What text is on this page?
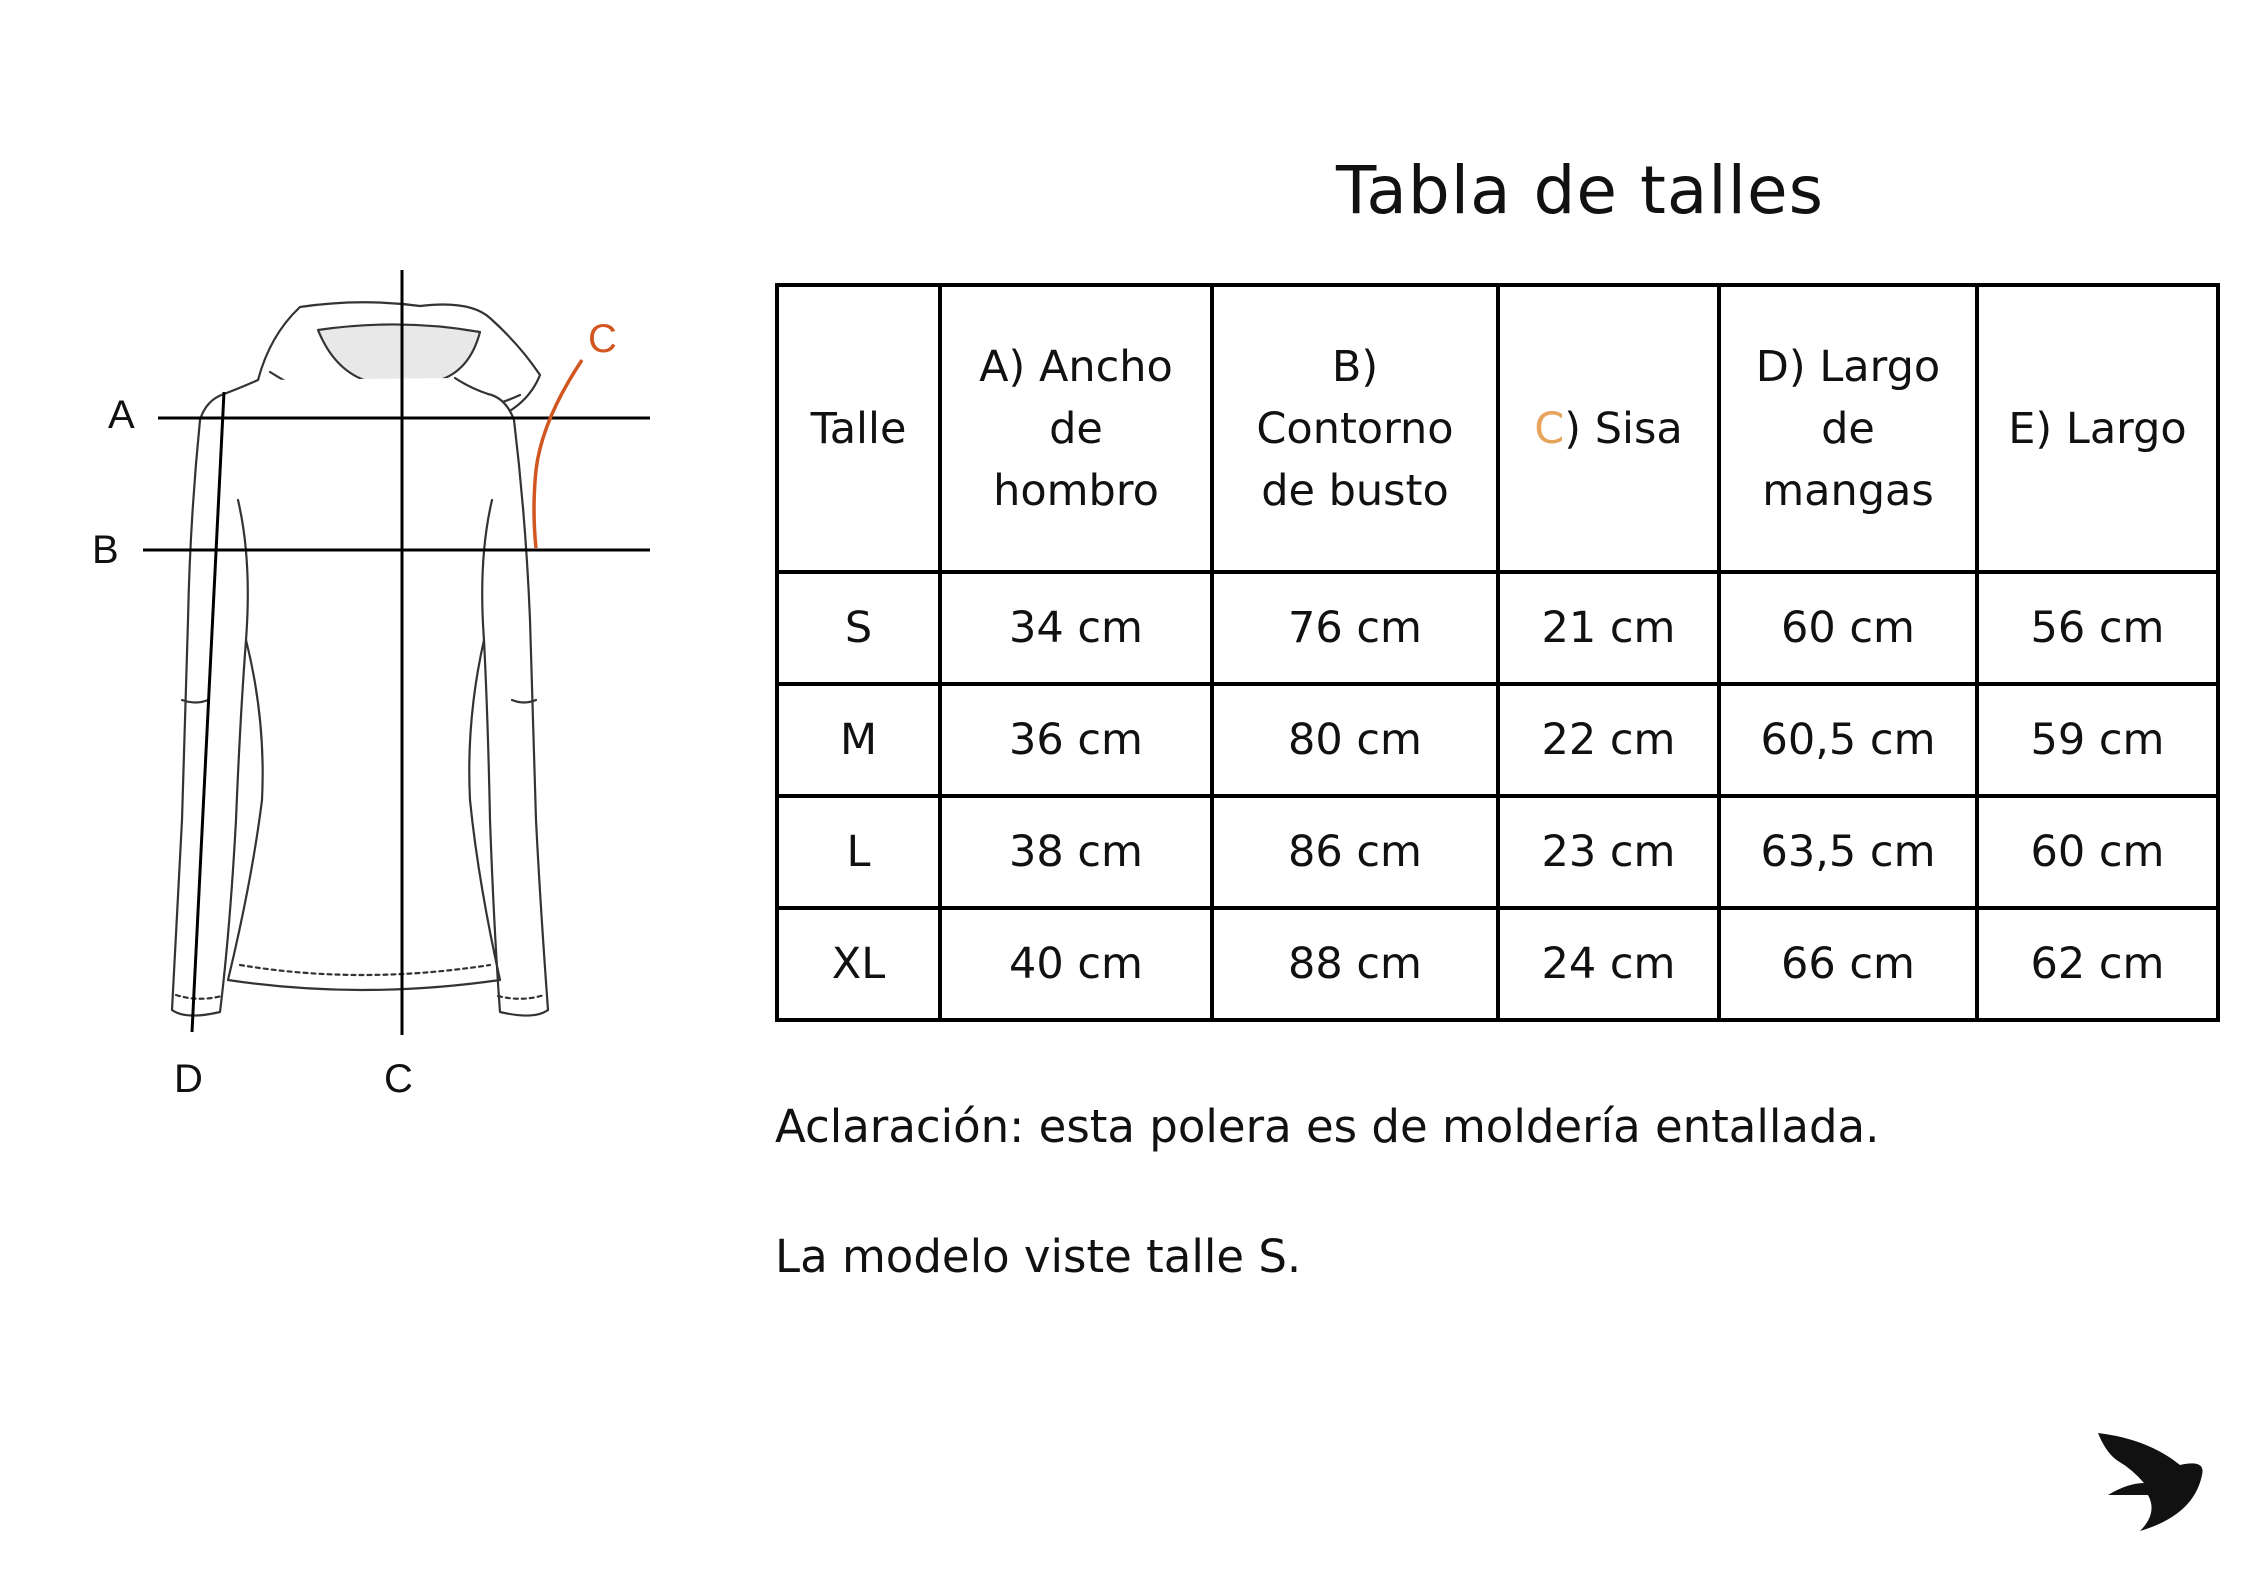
A
B
C
D	C
Tabla de talles
Talle	A) Ancho de hombro	B) Contorno de busto	C) Sisa	D) Largo de mangas	E) Largo
S	34 cm	76 cm	21 cm	60 cm	56 cm
M	36 cm	80 cm	22 cm	60,5 cm	59 cm
L	38 cm	86 cm	23 cm	63,5 cm	60 cm
XL	40 cm	88 cm	24 cm	66 cm	62 cm
Aclaración: esta polera es de moldería entallada.
La modelo viste talle S.
